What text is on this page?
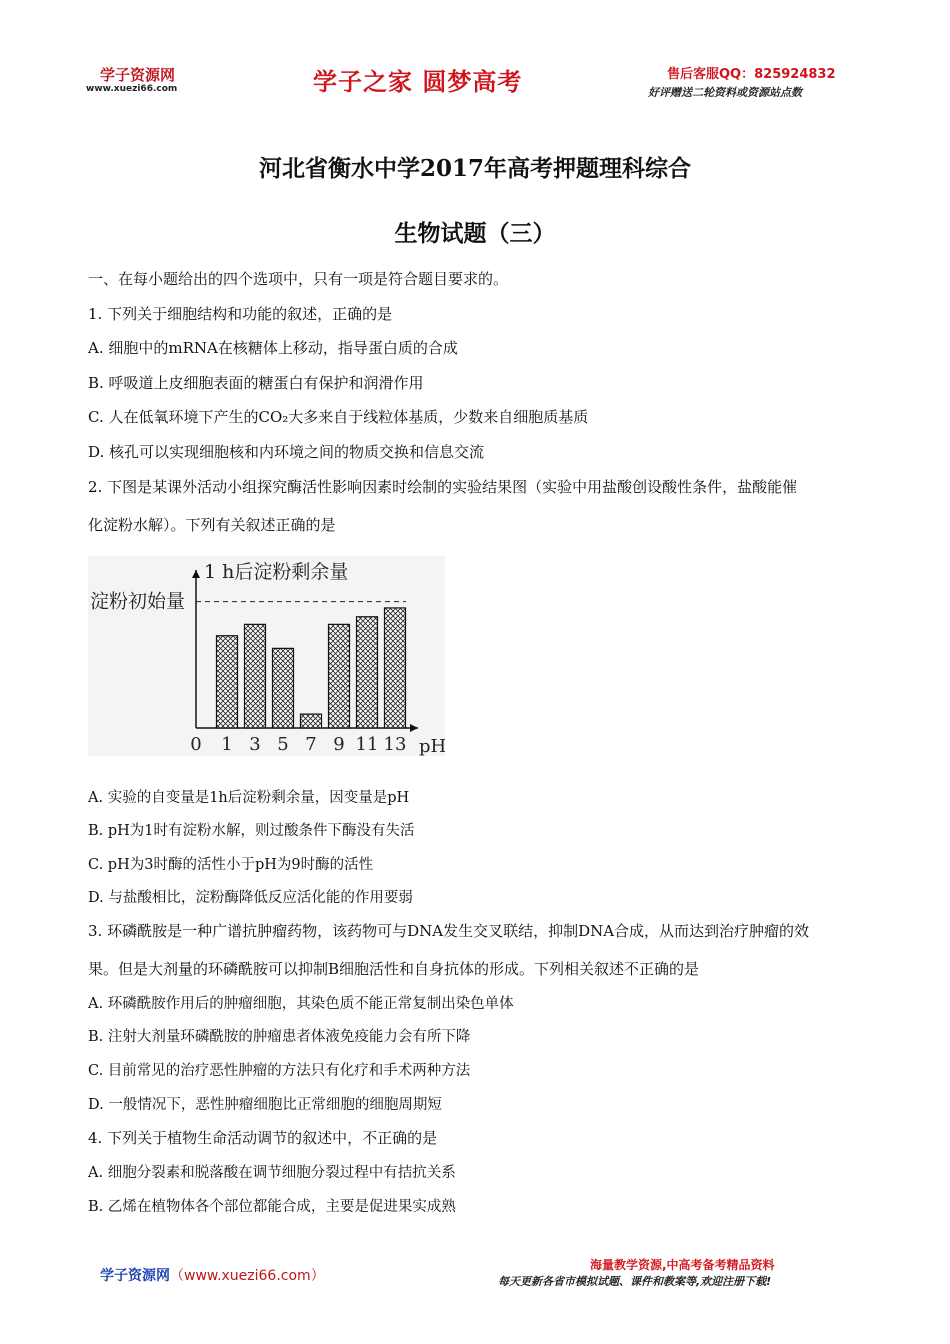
学子资源网
www.xuezi66.com	学子之家 圆梦高考	售后客服QQ：825924832
好评赠送二轮资料或资源站点数
河北省衡水中学2017年高考押题理科综合
生物试题（三）
一、在每小题给出的四个选项中，只有一项是符合题目要求的。
1. 下列关于细胞结构和功能的叙述，正确的是
A. 细胞中的mRNA在核糖体上移动，指导蛋白质的合成
B. 呼吸道上皮细胞表面的糖蛋白有保护和润滑作用
C. 人在低氧环境下产生的CO₂大多来自于线粒体基质，少数来自细胞质基质
D. 核孔可以实现细胞核和内环境之间的物质交换和信息交流
2. 下图是某课外活动小组探究酶活性影响因素时绘制的实验结果图（实验中用盐酸创设酸性条件，盐酸能催
化淀粉水解）。下列有关叙述正确的是
1 h后淀粉剩余量
淀粉初始量
0 1 3 5 7 9 11 13 pH
A. 实验的自变量是1h后淀粉剩余量，因变量是pH
B. pH为1时有淀粉水解，则过酸条件下酶没有失活
C. pH为3时酶的活性小于pH为9时酶的活性
D. 与盐酸相比，淀粉酶降低反应活化能的作用要弱
3. 环磷酰胺是一种广谱抗肿瘤药物，该药物可与DNA发生交叉联结，抑制DNA合成，从而达到治疗肿瘤的效
果。但是大剂量的环磷酰胺可以抑制B细胞活性和自身抗体的形成。下列相关叙述不正确的是
A. 环磷酰胺作用后的肿瘤细胞，其染色质不能正常复制出染色单体
B. 注射大剂量环磷酰胺的肿瘤患者体液免疫能力会有所下降
C. 目前常见的治疗恶性肿瘤的方法只有化疗和手术两种方法
D. 一般情况下，恶性肿瘤细胞比正常细胞的细胞周期短
4. 下列关于植物生命活动调节的叙述中，不正确的是
A. 细胞分裂素和脱落酸在调节细胞分裂过程中有拮抗关系
B. 乙烯在植物体各个部位都能合成，主要是促进果实成熟
学子资源网（www.xuezi66.com）
海量教学资源,中高考备考精品资料
每天更新各省市模拟试题、课件和教案等,欢迎注册下载!
